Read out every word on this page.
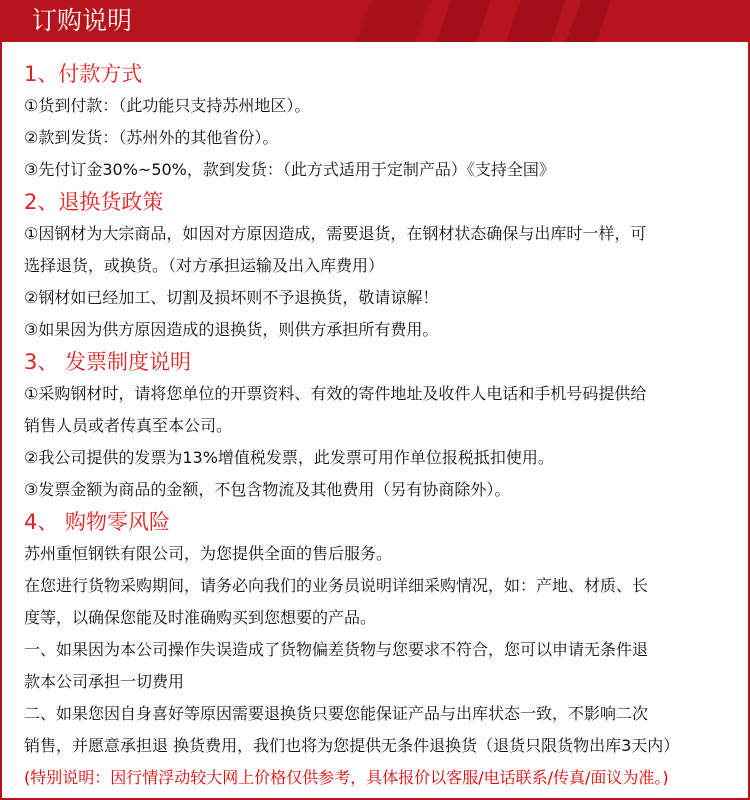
订购说明
1、付款方式
①货到付款：（此功能只支持苏州地区）。
②款到发货：（苏州外的其他省份）。
③先付订金30%~50%，款到发货：（此方式适用于定制产品）《支持全国》
2、退换货政策
①因钢材为大宗商品，如因对方原因造成，需要退货，在钢材状态确保与出库时一样，可
选择退货，或换货。（对方承担运输及出入库费用）
②钢材如已经加工、切割及损坏则不予退换货，敬请谅解！
③如果因为供方原因造成的退换货，则供方承担所有费用。
3、 发票制度说明
①采购钢材时，请将您单位的开票资料、有效的寄件地址及收件人电话和手机号码提供给
销售人员或者传真至本公司。
②我公司提供的发票为13%增值税发票，此发票可用作单位报税抵扣使用。
③发票金额为商品的金额，不包含物流及其他费用（另有协商除外）。
4、 购物零风险
苏州重恒钢铁有限公司，为您提供全面的售后服务。
在您进行货物采购期间，请务必向我们的业务员说明详细采购情况，如：产地、材质、长
度等，以确保您能及时准确购买到您想要的产品。
一、如果因为本公司操作失误造成了货物偏差货物与您要求不符合，您可以申请无条件退
款本公司承担一切费用
二、如果您因自身喜好等原因需要退换货只要您能保证产品与出库状态一致，不影响二次
销售，并愿意承担退 换货费用，我们也将为您提供无条件退换货（退货只限货物出库3天内）
(特别说明：因行情浮动较大网上价格仅供参考，具体报价以客服/电话联系/传真/面议为准。)
